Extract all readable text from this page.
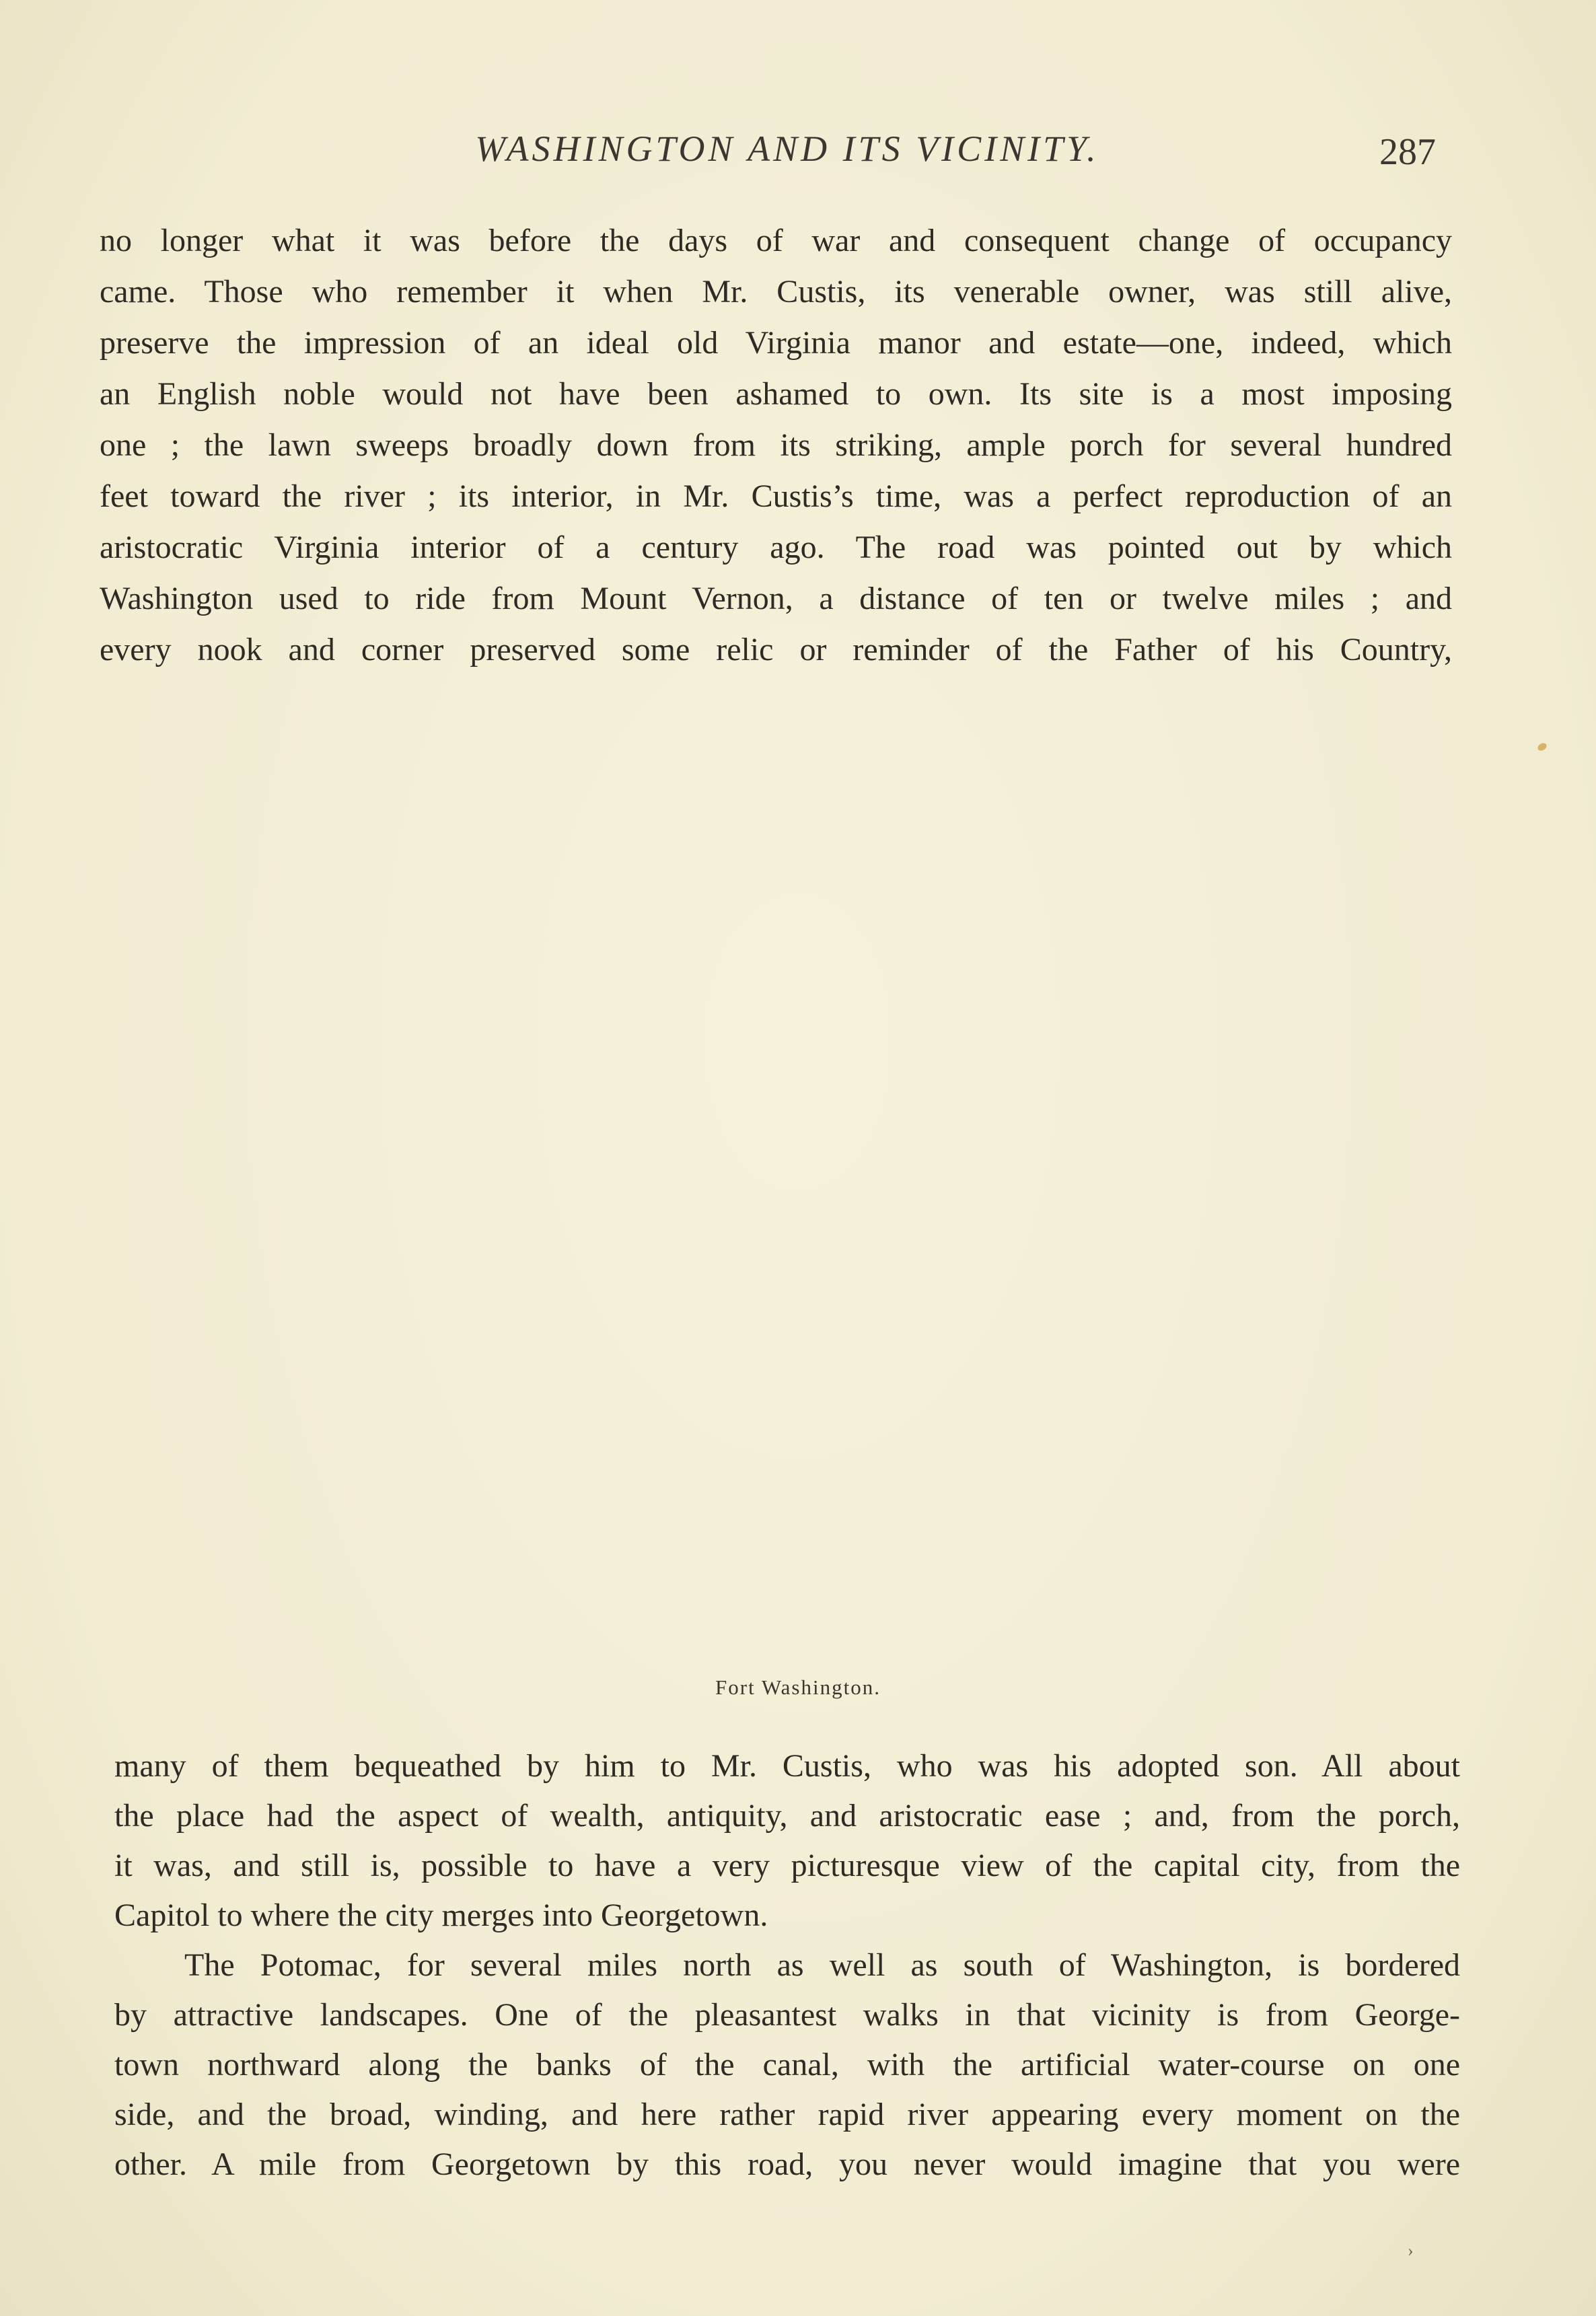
WASHINGTON AND ITS VICINITY.	287
no longer what it was before the days of war and consequent change of occupancy
came. Those who remember it when Mr. Custis, its venerable owner, was still alive,
preserve the impression of an ideal old Virginia manor and estate—one, indeed, which
an English noble would not have been ashamed to own. Its site is a most imposing
one ; the lawn sweeps broadly down from its striking, ample porch for several hundred
feet toward the river ; its interior, in Mr. Custis’s time, was a perfect reproduction of an
aristocratic Virginia interior of a century ago. The road was pointed out by which
Washington used to ride from Mount Vernon, a distance of ten or twelve miles ; and
every nook and corner preserved some relic or reminder of the Father of his Country,
Fort Washington.
many of them bequeathed by him to Mr. Custis, who was his adopted son. All about
the place had the aspect of wealth, antiquity, and aristocratic ease ; and, from the porch,
it was, and still is, possible to have a very picturesque view of the capital city, from the
Capitol to where the city merges into Georgetown.
The Potomac, for several miles north as well as south of Washington, is bordered
by attractive landscapes. One of the pleasantest walks in that vicinity is from George-
town northward along the banks of the canal, with the artificial water-course on one
side, and the broad, winding, and here rather rapid river appearing every moment on the
other. A mile from Georgetown by this road, you never would imagine that you were
›
